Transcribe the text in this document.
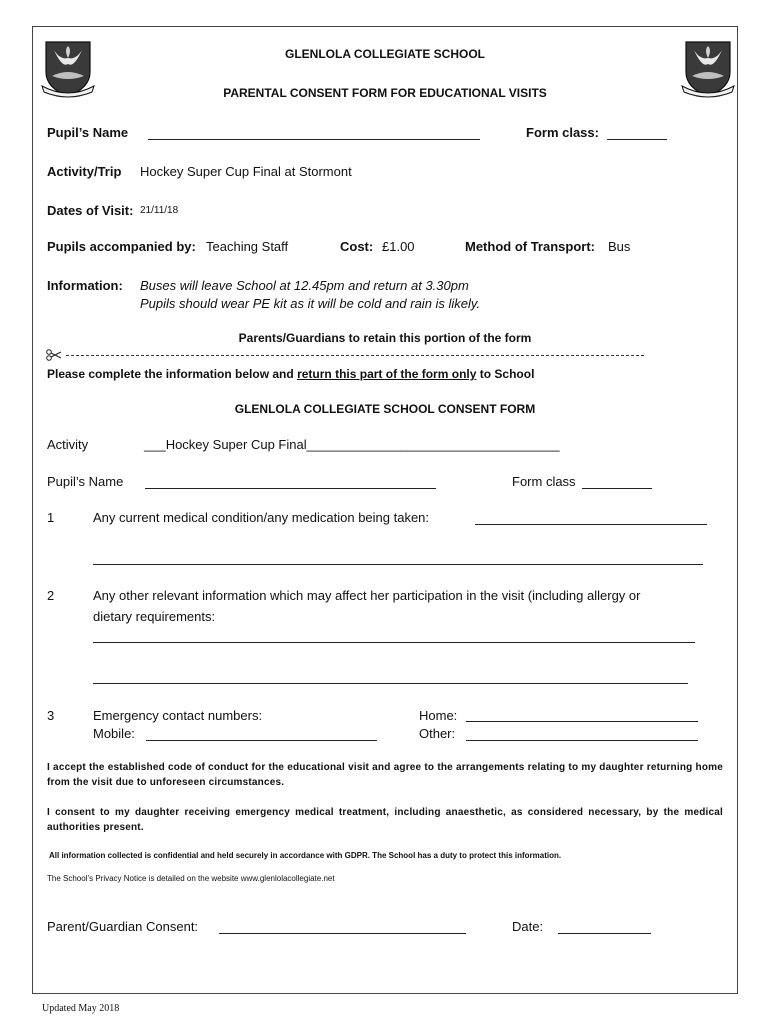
GLENLOLA COLLEGIATE SCHOOL
PARENTAL CONSENT FORM FOR EDUCATIONAL VISITS
Pupil’s Name	Form class:
Activity/Trip Hockey Super Cup Final at Stormont
Dates of Visit: 21/11/18
Pupils accompanied by: Teaching Staff	Cost: £1.00	Method of Transport: Bus
Information: Buses will leave School at 12.45pm and return at 3.30pm
Pupils should wear PE kit as it will be cold and rain is likely.
Parents/Guardians to retain this portion of the form
Please complete the information below and return this part of the form only to School
GLENLOLA COLLEGIATE SCHOOL CONSENT FORM
Activity	___Hockey Super Cup Final___________________________________
Pupil’s Name	Form class
1	Any current medical condition/any medication being taken:
2	Any other relevant information which may affect her participation in the visit (including allergy or
dietary requirements:
3	Emergency contact numbers:	Home:
Mobile:	Other:
I accept the established code of conduct for the educational visit and agree to the arrangements relating to my daughter returning home from the visit due to unforeseen circumstances.
I consent to my daughter receiving emergency medical treatment, including anaesthetic, as considered necessary, by the medical authorities present.
All information collected is confidential and held securely in accordance with GDPR. The School has a duty to protect this information.
The School’s Privacy Notice is detailed on the website www.glenlolacollegiate.net
Parent/Guardian Consent:	Date:
Updated May 2018
